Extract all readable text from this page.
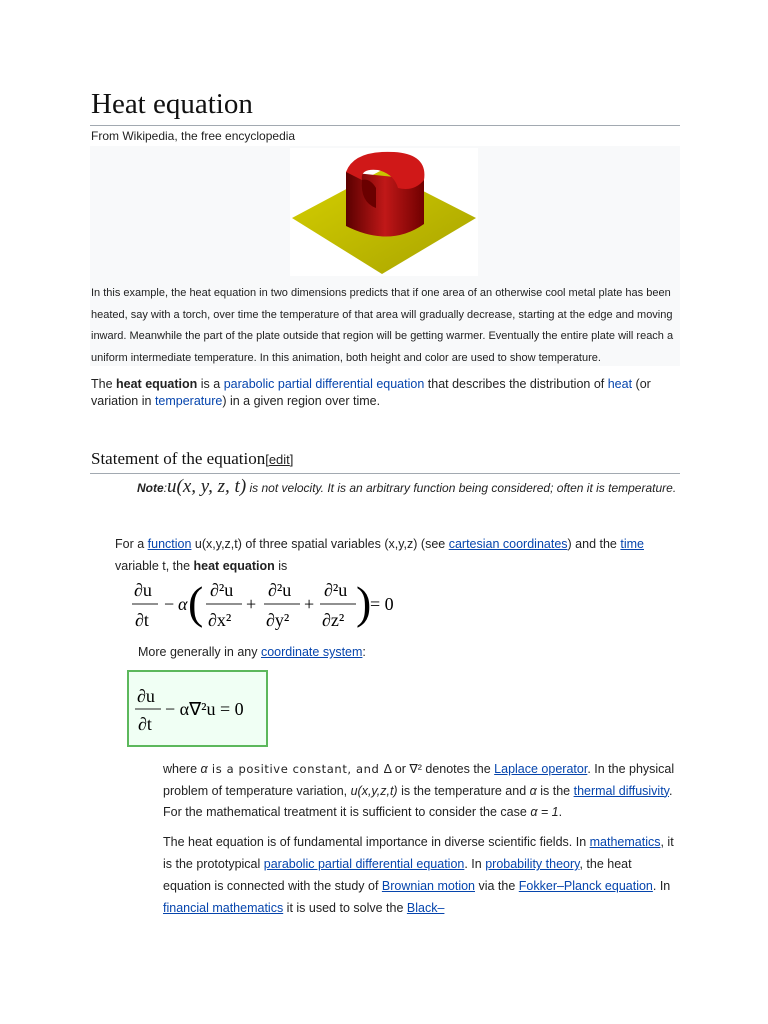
Heat equation
From Wikipedia, the free encyclopedia
In this example, the heat equation in two dimensions predicts that if one area of an otherwise cool metal plate has been heated, say with a torch, over time the temperature of that area will gradually decrease, starting at the edge and moving inward. Meanwhile the part of the plate outside that region will be getting warmer. Eventually the entire plate will reach a uniform intermediate temperature. In this animation, both height and color are used to show temperature.
The heat equation is a parabolic partial differential equation that describes the distribution of heat (or variation in temperature) in a given region over time.
Statement of the equation[edit]
Note:u(x, y, z, t) is not velocity. It is an arbitrary function being considered; often it is temperature.
For a function u(x,y,z,t) of three spatial variables (x,y,z) (see cartesian coordinates) and the time variable t, the heat equation is
∂u
∂t
− α ( ∂²u
∂x²
+
∂²u
∂y²
+
∂²u
∂z² )
= 0
More generally in any coordinate system:
∂u
∂t
− α∇²u = 0
where α is a positive constant, and Δ or ∇² denotes the Laplace operator. In the physical problem of temperature variation, u(x,y,z,t) is the temperature and α is the thermal diffusivity. For the mathematical treatment it is sufficient to consider the case α = 1.
The heat equation is of fundamental importance in diverse scientific fields. In mathematics, it is the prototypical parabolic partial differential equation. In probability theory, the heat equation is connected with the study of Brownian motion via the Fokker–Planck equation. In financial mathematics it is used to solve the Black–
